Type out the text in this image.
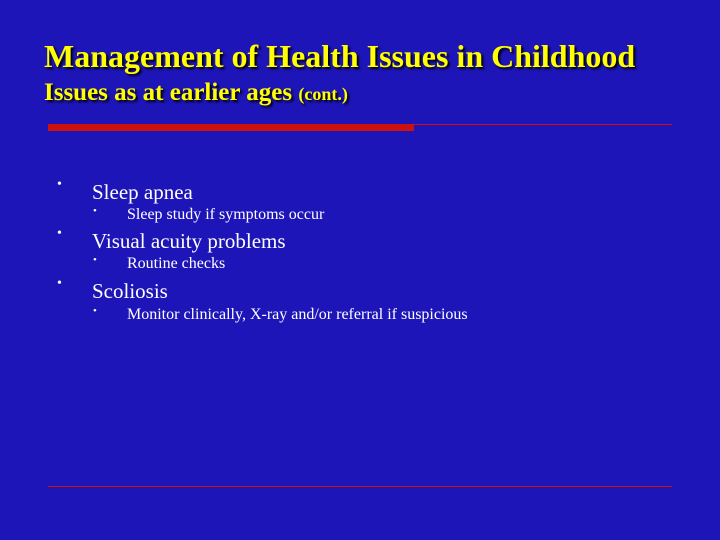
Management of Health Issues in Childhood
Issues as at earlier ages (cont.)
• Sleep apnea
• Sleep study if symptoms occur
• Visual acuity problems
• Routine checks
• Scoliosis
• Monitor clinically, X-ray and/or referral if suspicious
